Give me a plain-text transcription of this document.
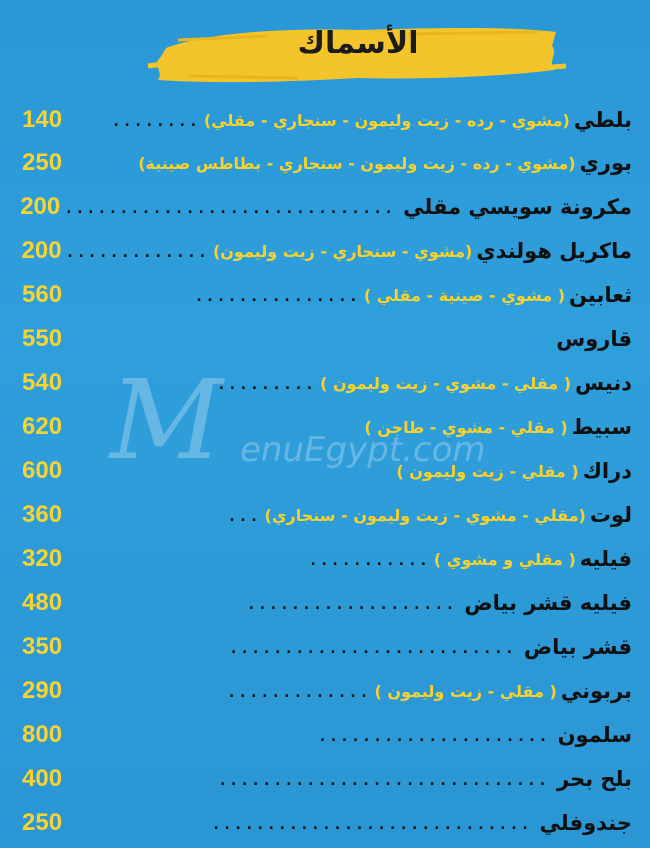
الأسماك
M enuEgypt.com
بلطي
(مشوي - رده - زيت وليمون - سنجاري - مقلي)
........
140
بوري
(مشوي - رده - زيت وليمون - سنجاري - بطاطس صينية)
250
مكرونة سويسي مقلي
..............................
200
ماكريل هولندي
(مشوي - سنجاري - زيت وليمون)
.............
200
ثعابين
( مشوي - صينية - مقلي )
...............
560
قاروس
550
دنيس
( مقلي - مشوي - زيت وليمون )
.........
540
سبيط
( مقلي - مشوي - طاجن )
620
دراك
( مقلي - زيت وليمون )
600
لوت
(مقلي - مشوي - زيت وليمون - سنجاري)
...
360
فيليه
( مقلي و مشوي )
...........
320
فيليه قشر بياض
...................
480
قشر بياض
..........................
350
بربوني
( مقلي - زيت وليمون )
.............
290
سلمون
.....................
800
بلح بحر
..............................
400
جندوفلي
.............................
250
